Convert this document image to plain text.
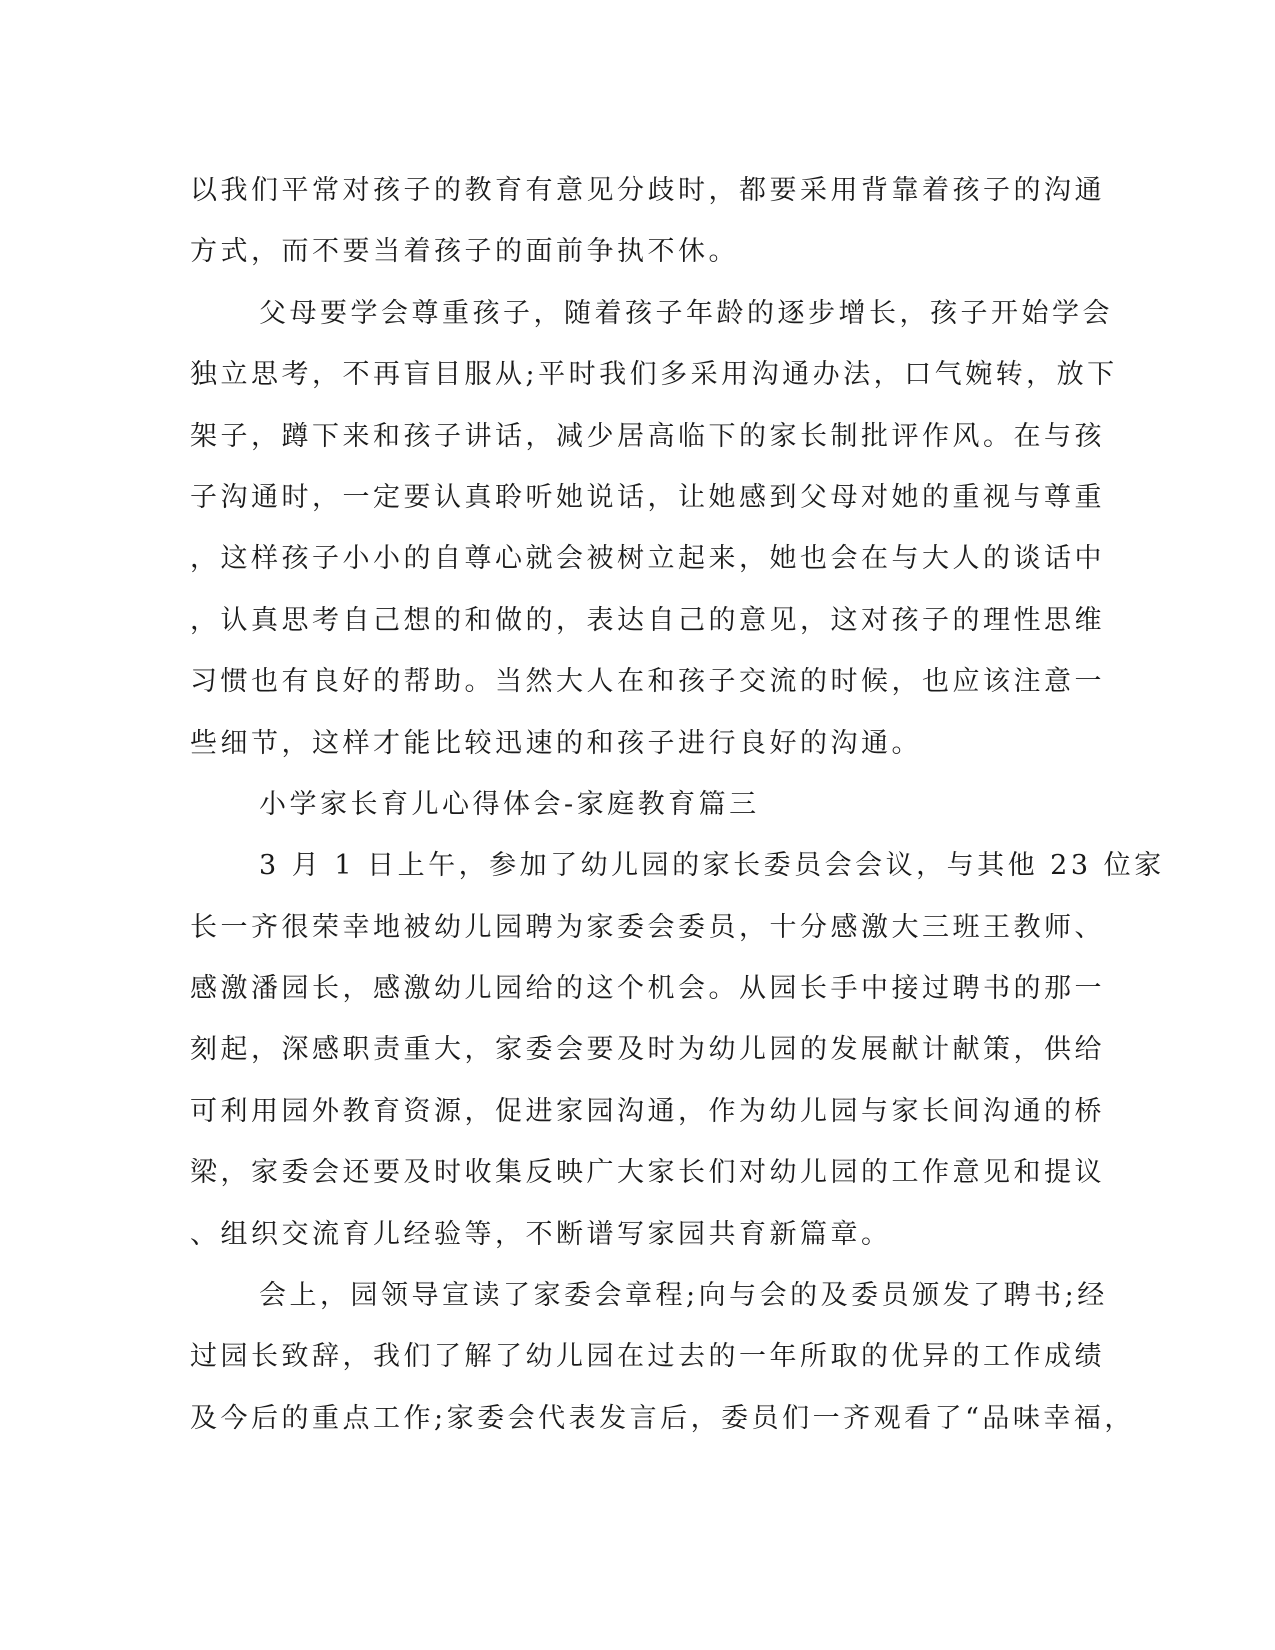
以我们平常对孩子的教育有意见分歧时，都要采用背靠着孩子的沟通
方式，而不要当着孩子的面前争执不休。
父母要学会尊重孩子，随着孩子年龄的逐步增长，孩子开始学会
独立思考，不再盲目服从;平时我们多采用沟通办法，口气婉转，放下
架子，蹲下来和孩子讲话，减少居高临下的家长制批评作风。在与孩
子沟通时，一定要认真聆听她说话，让她感到父母对她的重视与尊重
，这样孩子小小的自尊心就会被树立起来，她也会在与大人的谈话中
，认真思考自己想的和做的，表达自己的意见，这对孩子的理性思维
习惯也有良好的帮助。当然大人在和孩子交流的时候，也应该注意一
些细节，这样才能比较迅速的和孩子进行良好的沟通。
小学家长育儿心得体会-家庭教育篇三
3 月 1 日上午，参加了幼儿园的家长委员会会议，与其他 23 位家
长一齐很荣幸地被幼儿园聘为家委会委员，十分感激大三班王教师、
感激潘园长，感激幼儿园给的这个机会。从园长手中接过聘书的那一
刻起，深感职责重大，家委会要及时为幼儿园的发展献计献策，供给
可利用园外教育资源，促进家园沟通，作为幼儿园与家长间沟通的桥
梁，家委会还要及时收集反映广大家长们对幼儿园的工作意见和提议
、组织交流育儿经验等，不断谱写家园共育新篇章。
会上，园领导宣读了家委会章程;向与会的及委员颁发了聘书;经
过园长致辞，我们了解了幼儿园在过去的一年所取的优异的工作成绩
及今后的重点工作;家委会代表发言后，委员们一齐观看了“品味幸福，
